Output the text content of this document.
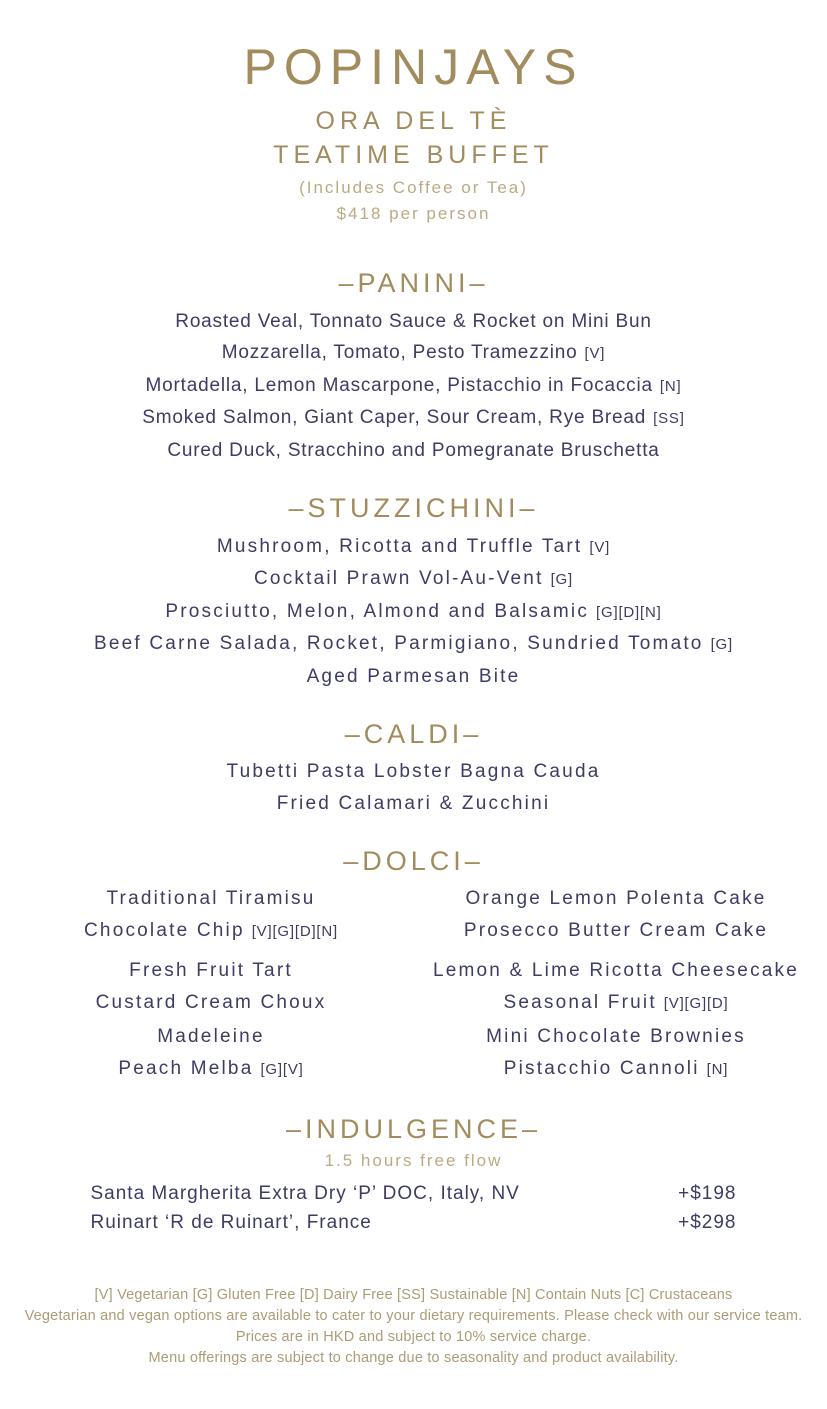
POPINJAYS
ORA DEL TÈ
TEATIME BUFFET
(Includes Coffee or Tea)
$418 per person
–PANINI–
Roasted Veal, Tonnato Sauce & Rocket on Mini Bun
Mozzarella, Tomato, Pesto Tramezzino [V]
Mortadella, Lemon Mascarpone, Pistacchio in Focaccia [N]
Smoked Salmon, Giant Caper, Sour Cream, Rye Bread [SS]
Cured Duck, Stracchino and Pomegranate Bruschetta
–STUZZICHINI–
Mushroom, Ricotta and Truffle Tart [V]
Cocktail Prawn Vol-Au-Vent [G]
Prosciutto, Melon, Almond and Balsamic [G][D][N]
Beef Carne Salada, Rocket, Parmigiano, Sundried Tomato [G]
Aged Parmesan Bite
–CALDI–
Tubetti Pasta Lobster Bagna Cauda
Fried Calamari & Zucchini
–DOLCI–
Traditional Tiramisu	Orange Lemon Polenta Cake
Chocolate Chip [V][G][D][N]	Prosecco Butter Cream Cake
Fresh Fruit Tart	Lemon & Lime Ricotta Cheesecake
Custard Cream Choux	Seasonal Fruit [V][G][D]
Madeleine	Mini Chocolate Brownies
Peach Melba [G][V]	Pistacchio Cannoli [N]
–INDULGENCE–
1.5 hours free flow
Santa Margherita Extra Dry ‘P’ DOC, Italy, NV	+$198
Ruinart ‘R de Ruinart’, France	+$298
[V] Vegetarian [G] Gluten Free [D] Dairy Free [SS] Sustainable [N] Contain Nuts [C] Crustaceans
Vegetarian and vegan options are available to cater to your dietary requirements. Please check with our service team.
Prices are in HKD and subject to 10% service charge.
Menu offerings are subject to change due to seasonality and product availability.
